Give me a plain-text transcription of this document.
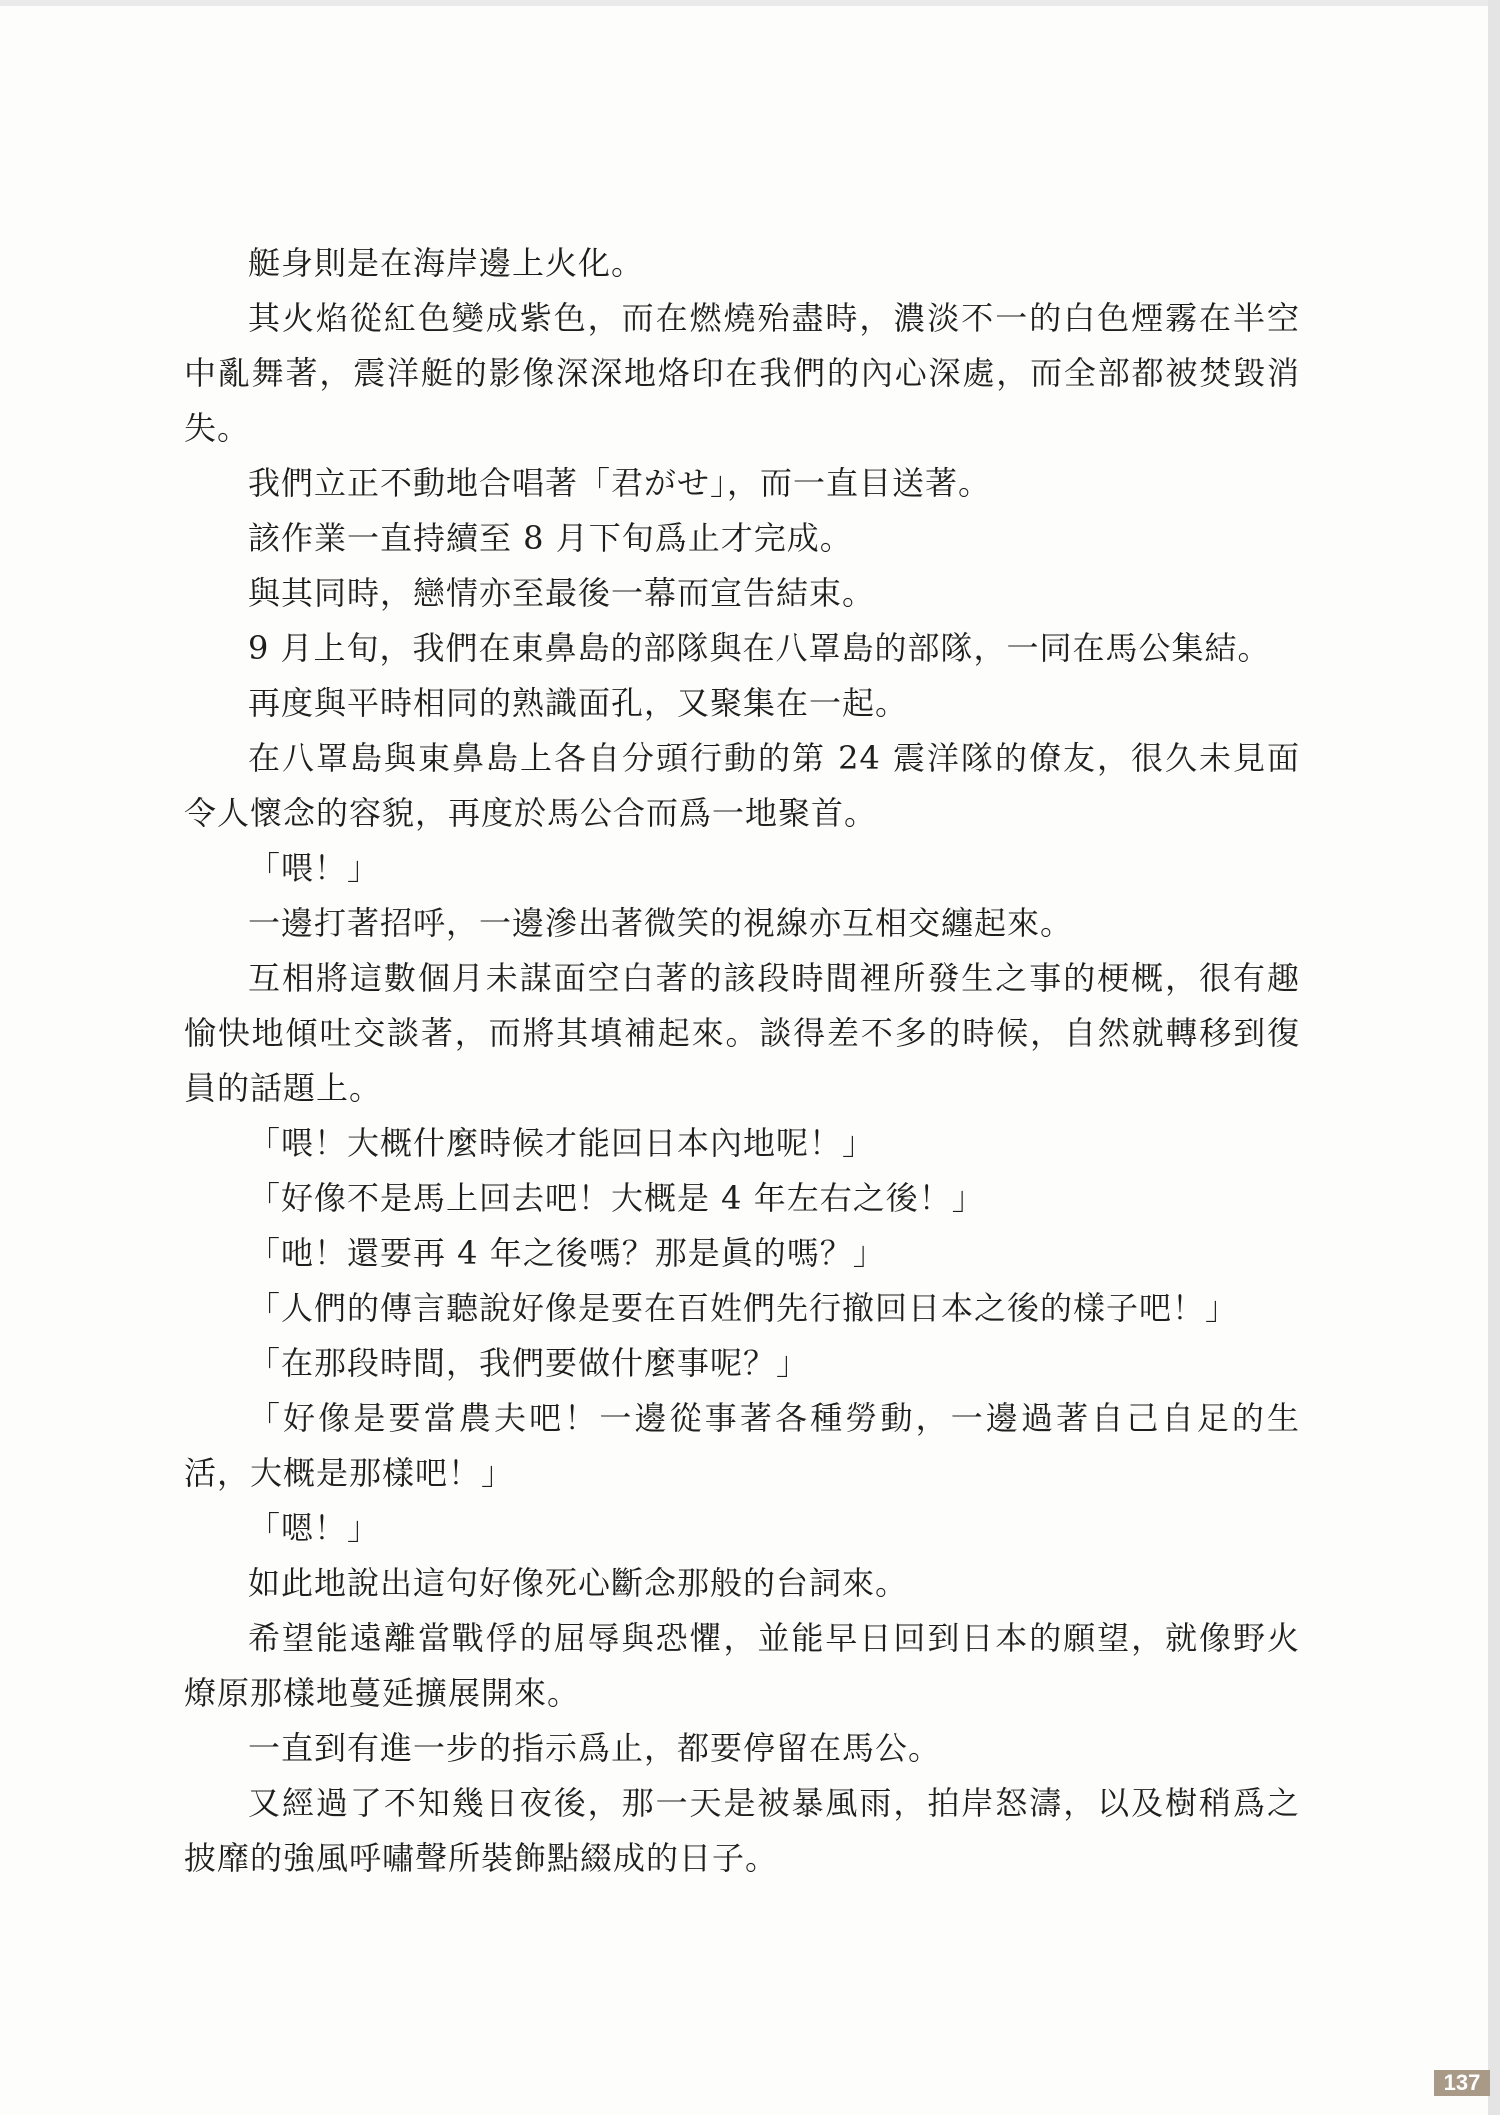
艇身則是在海岸邊上火化。

其火焰從紅色變成紫色，而在燃燒殆盡時，濃淡不一的白色煙霧在半空中亂舞著，震洋艇的影像深深地烙印在我們的內心深處，而全部都被焚毀消失。

我們立正不動地合唱著「君がせ」，而一直目送著。

該作業一直持續至 8 月下旬爲止才完成。

與其同時，戀情亦至最後一幕而宣告結束。

9 月上旬，我們在東鼻島的部隊與在八罩島的部隊，一同在馬公集結。

再度與平時相同的熟識面孔，又聚集在一起。

在八罩島與東鼻島上各自分頭行動的第 24 震洋隊的僚友，很久未見面令人懷念的容貌，再度於馬公合而爲一地聚首。

「喂！」

一邊打著招呼，一邊滲出著微笑的視線亦互相交纏起來。

互相將這數個月未謀面空白著的該段時間裡所發生之事的梗概，很有趣愉快地傾吐交談著，而將其填補起來。談得差不多的時候，自然就轉移到復員的話題上。

「喂！大概什麼時候才能回日本內地呢！」

「好像不是馬上回去吧！大概是 4 年左右之後！」

「吔！還要再 4 年之後嗎？那是眞的嗎？」

「人們的傳言聽說好像是要在百姓們先行撤回日本之後的樣子吧！」

「在那段時間，我們要做什麼事呢？」

「好像是要當農夫吧！一邊從事著各種勞動，一邊過著自己自足的生活，大概是那樣吧！」

「嗯！」

如此地說出這句好像死心斷念那般的台詞來。

希望能遠離當戰俘的屈辱與恐懼，並能早日回到日本的願望，就像野火燎原那樣地蔓延擴展開來。

一直到有進一步的指示爲止，都要停留在馬公。

又經過了不知幾日夜後，那一天是被暴風雨，拍岸怒濤，以及樹稍爲之披靡的強風呼嘯聲所裝飾點綴成的日子。

137
